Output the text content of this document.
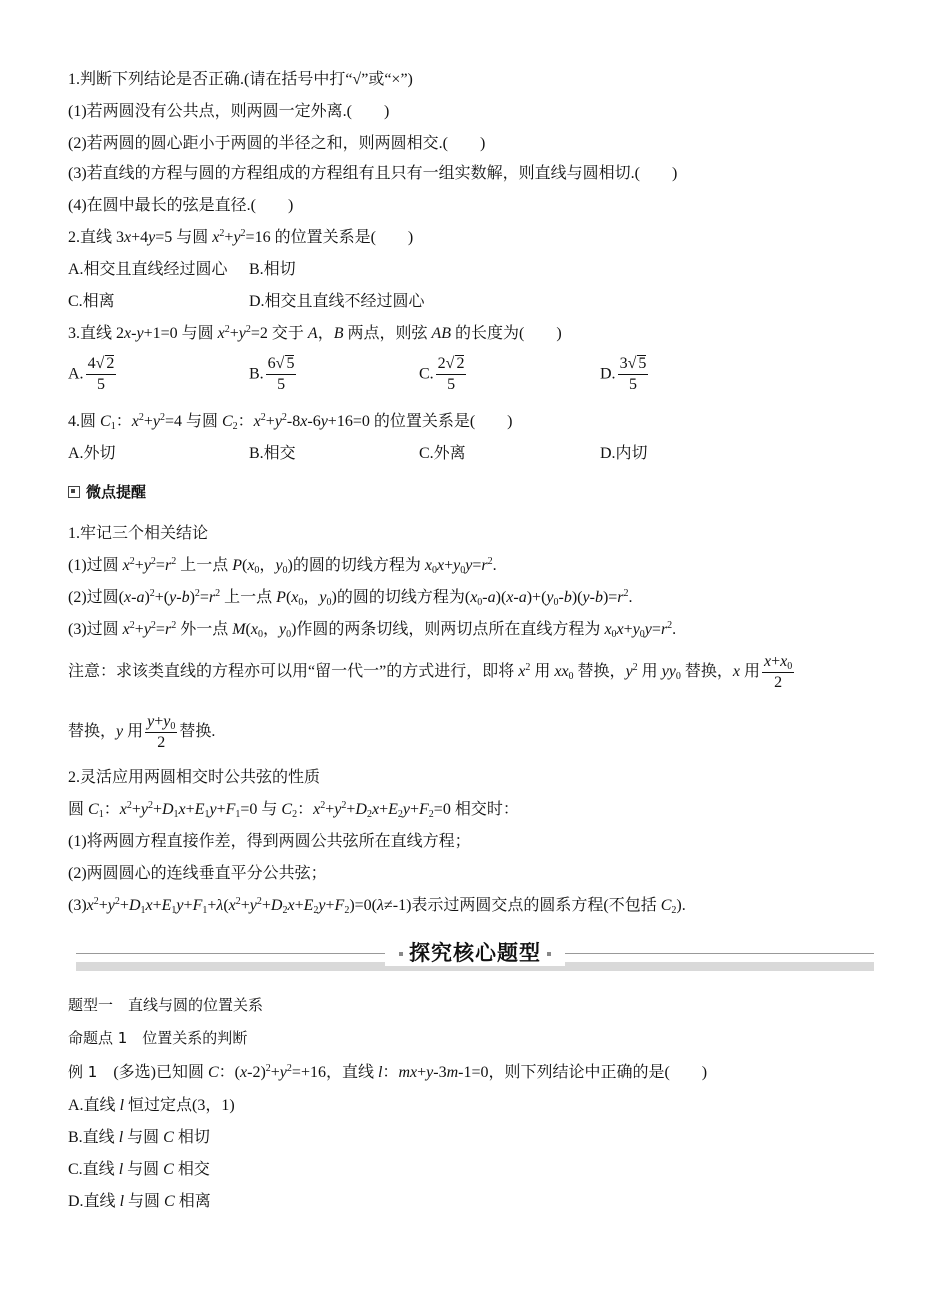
1.判断下列结论是否正确.(请在括号中打“√”或“×”)
(1)若两圆没有公共点，则两圆一定外离.(　　)
(2)若两圆的圆心距小于两圆的半径之和，则两圆相交.(　　)
(3)若直线的方程与圆的方程组成的方程组有且只有一组实数解，则直线与圆相切.(　　)
(4)在圆中最长的弦是直径.(　　)
2.直线 3x+4y=5 与圆 $x^2+y^2=16$ 的位置关系是(　　)
A.相交且直线经过圆心 B.相切
C.相离	D.相交且直线不经过圆心
3.直线 2x-y+1=0 与圆 $x^2+y^2=2$ 交于 A，B 两点，则弦 AB 的长度为(　　)
A. $\frac{4√ 2}{5}$	B. $\frac{6√ 5}{5}$	C. $\frac{2√ 2}{5}$	D. $\frac{3√ 5}{5}$
4.圆 $C_1$：$x^2+y^2=4$ 与圆 $C_2$：$x^2+y^2-8x-6y+16=0$ 的位置关系是(　　)
A.外切	B.相交	C.外离	D.内切
微点提醒
1.牢记三个相关结论
(1)过圆 $x^2+y^2=r^2$ 上一点 $P(x_0$，$y_0$)的圆的切线方程为 $x_0x+y_0y=r^2$.
(2)过圆$(x-a)^2+(y-b)^2=r^2$ 上一点 $P(x_0$，$y_0$)的圆的切线方程为$(x_0-a)(x-a)+(y_0-b)(y-b)=r^2$.
(3)过圆 $x^2+y^2=r^2$ 外一点 $M(x_0$，$y_0$)作圆的两条切线，则两切点所在直线方程为 $x_0x+y_0y=r^2$.
注意：求该类直线的方程亦可以用“留一代一”的方式进行，即将 $x^2$ 用 $xx_0$ 替换，$y^2$ 用 $yy_0$ 替换，x 用 $\frac{x+x_0}{2}$
替换，y 用 $\frac{y+y_0}{2}$ 替换.
2.灵活应用两圆相交时公共弦的性质
圆 $C_1$：$x^2+y^2+D_1x+E_1y+F_1=0$ 与 $C_2$：$x^2+y^2+D_2x+E_2y+F_2=0$ 相交时：
(1)将两圆方程直接作差，得到两圆公共弦所在直线方程；
(2)两圆圆心的连线垂直平分公共弦；
$(3)x^2+y^2+D_1x+E_1y+F_1+\lambda(x^2+y^2+D_2x+E_2y+F_2)=0(\lambda\ne-1)$表示过两圆交点的圆系方程(不包括 $C_2$).
探究核心题型
题型一　直线与圆的位置关系
命题点 1　位置关系的判断
例 1　(多选)已知圆 C：$(x-2)^2+y^2=+16$，直线 l：mx+y-3m-1=0，则下列结论中正确的是(　　)
A.直线 l 恒过定点(3，1)
B.直线 l 与圆 C 相切
C.直线 l 与圆 C 相交
D.直线 l 与圆 C 相离
